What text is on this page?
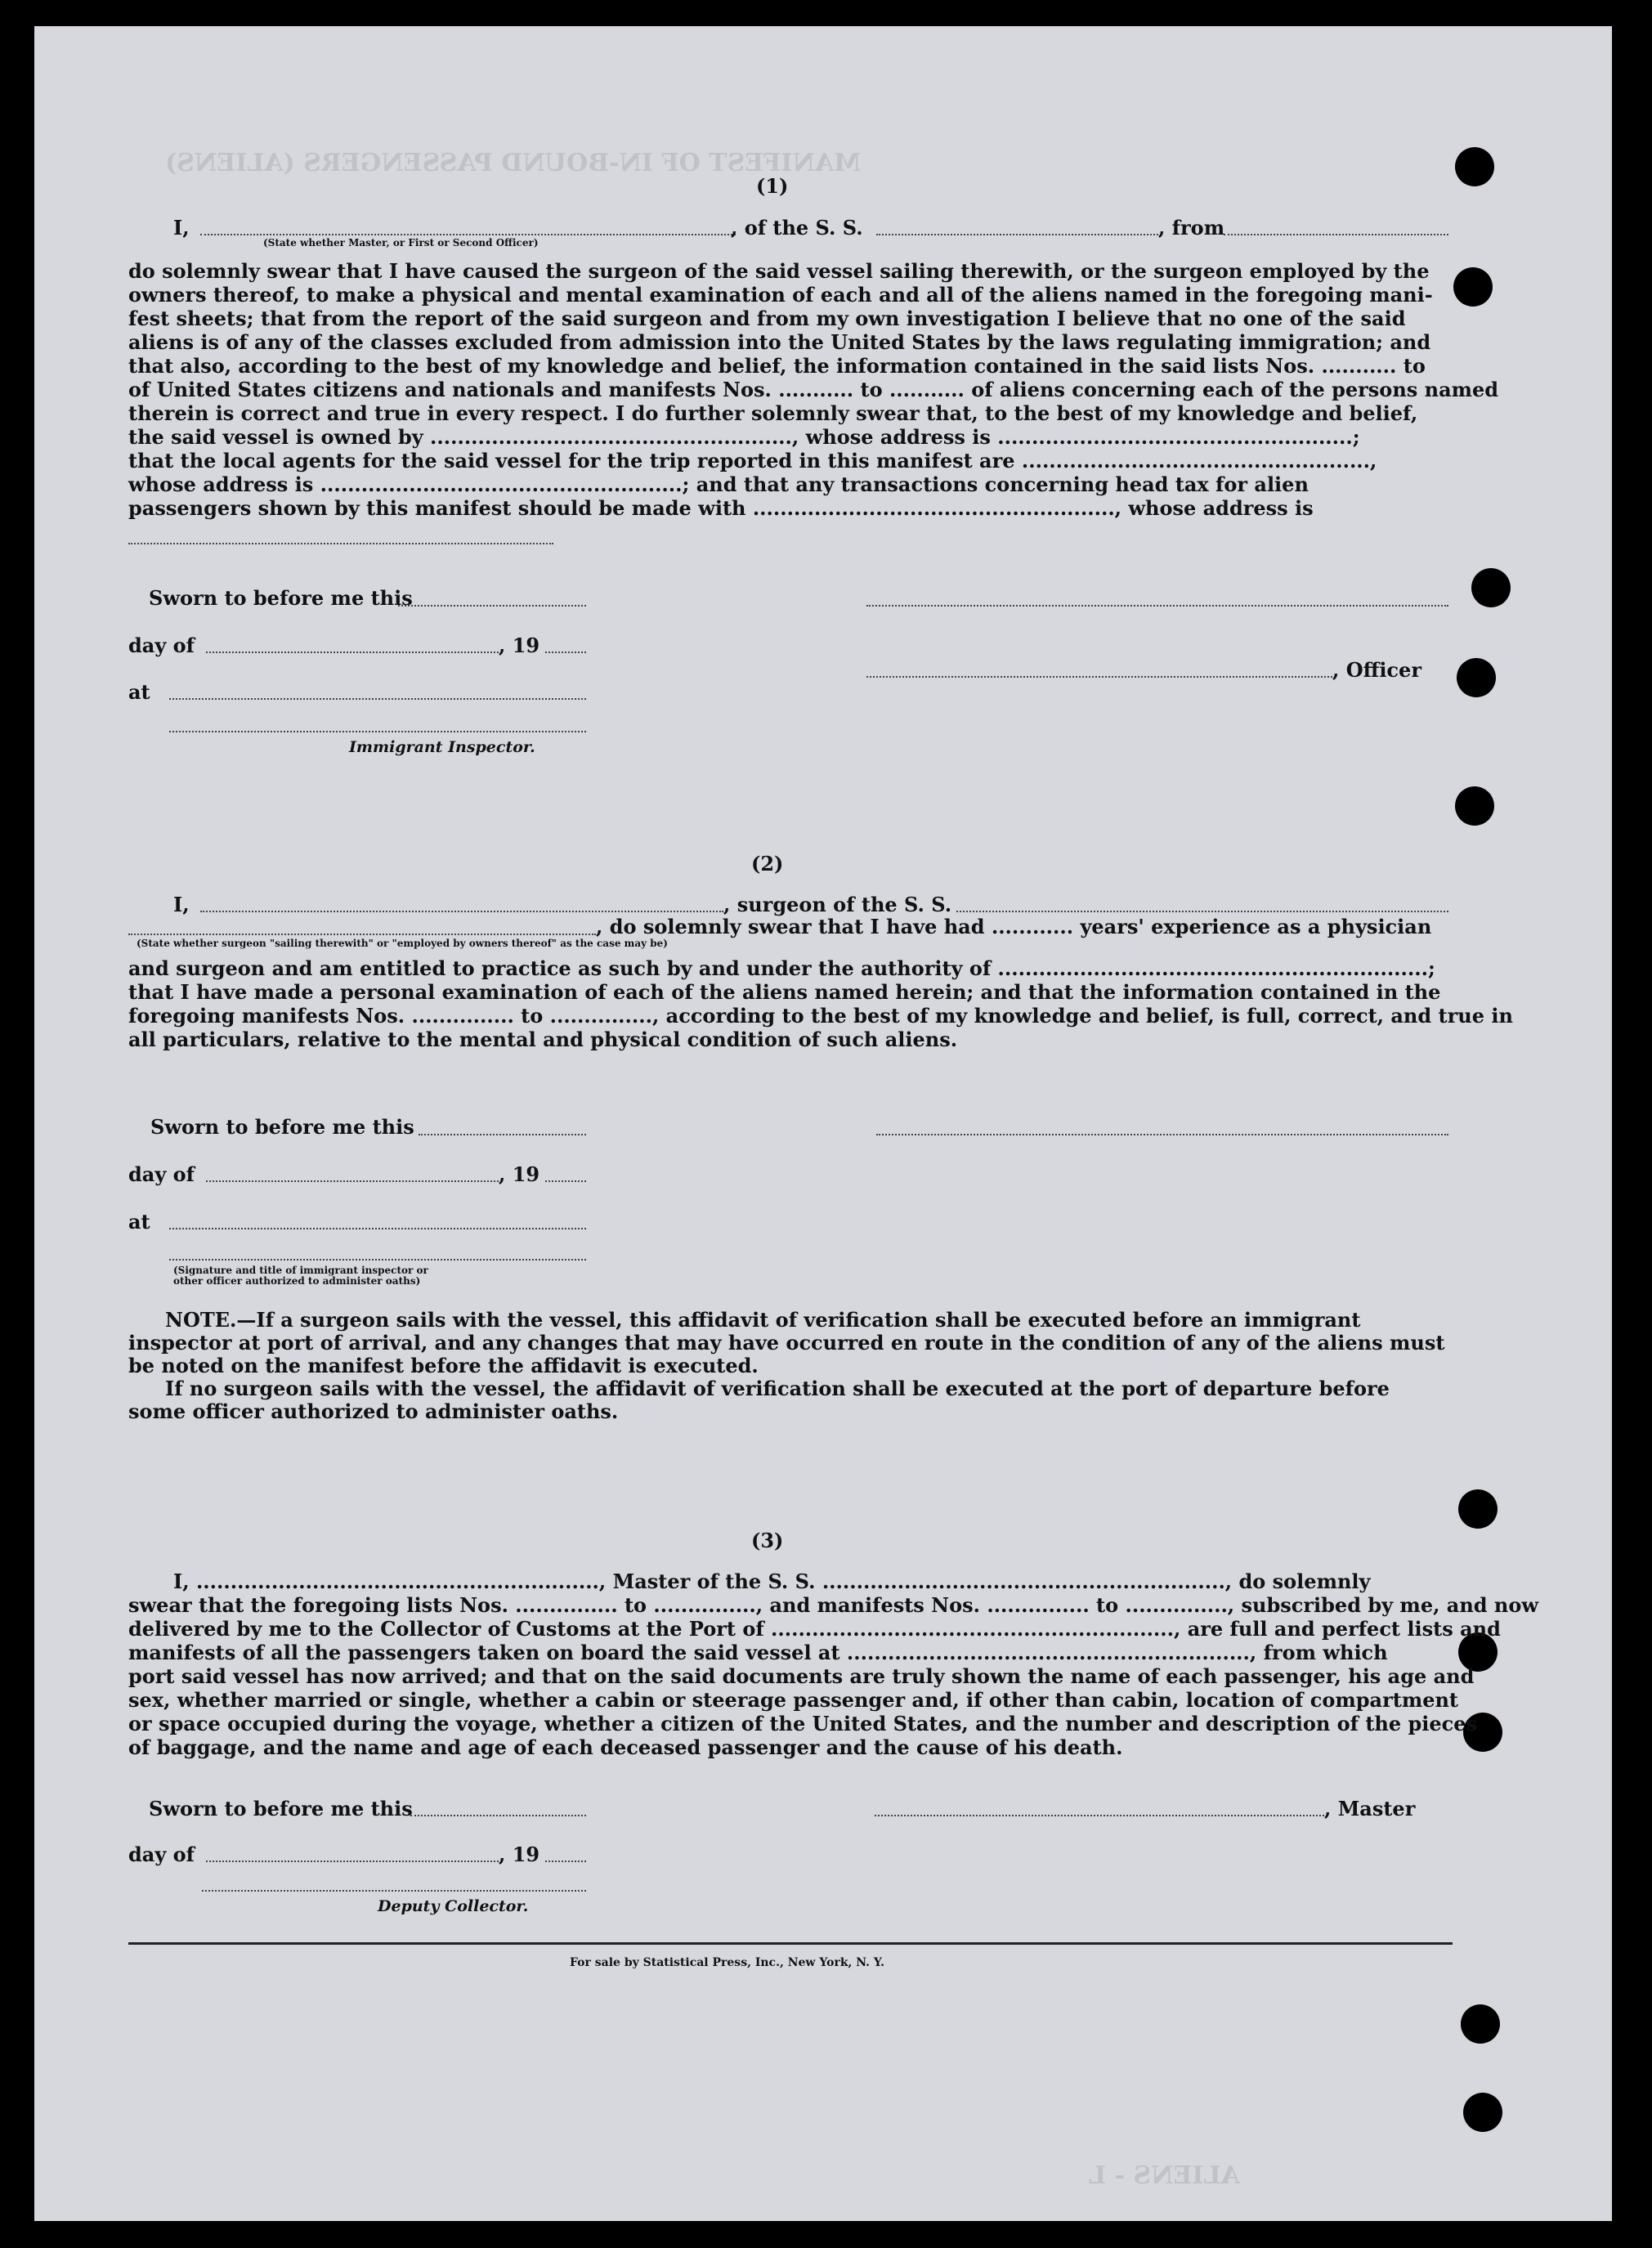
MANIFEST OF IN-BOUND PASSENGERS (ALIENS)
(1)
I,	, of the S. S.	, from
(State whether Master, or First or Second Officer)
do solemnly swear that I have caused the surgeon of the said vessel sailing therewith, or the surgeon employed by the
owners thereof, to make a physical and mental examination of each and all of the aliens named in the foregoing mani-
fest sheets; that from the report of the said surgeon and from my own investigation I believe that no one of the said
aliens is of any of the classes excluded from admission into the United States by the laws regulating immigration; and
that also, according to the best of my knowledge and belief, the information contained in the said lists Nos. ........... to
of United States citizens and nationals and manifests Nos. ........... to ........... of aliens concerning each of the persons named
therein is correct and true in every respect. I do further solemnly swear that, to the best of my knowledge and belief,
the said vessel is owned by ....................................................., whose address is ....................................................;
that the local agents for the said vessel for the trip reported in this manifest are ...................................................,
whose address is .....................................................; and that any transactions concerning head tax for alien
passengers shown by this manifest should be made with ....................................................., whose address is
Sworn to before me this
day of	, 19
, Officer
at
Immigrant Inspector.
(2)
I,	, surgeon of the S. S.
, do solemnly swear that I have had ............ years' experience as a physician
(State whether surgeon "sailing therewith" or "employed by owners thereof" as the case may be)
and surgeon and am entitled to practice as such by and under the authority of ...............................................................;
that I have made a personal examination of each of the aliens named herein; and that the information contained in the
foregoing manifests Nos. ............... to ..............., according to the best of my knowledge and belief, is full, correct, and true in
all particulars, relative to the mental and physical condition of such aliens.
Sworn to before me this
day of	, 19
at
(Signature and title of immigrant inspector or
other officer authorized to administer oaths)
NOTE.—If a surgeon sails with the vessel, this affidavit of verification shall be executed before an immigrant
inspector at port of arrival, and any changes that may have occurred en route in the condition of any of the aliens must
be noted on the manifest before the affidavit is executed.
If no surgeon sails with the vessel, the affidavit of verification shall be executed at the port of departure before
some officer authorized to administer oaths.
(3)
I, ..........................................................., Master of the S. S. ..........................................................., do solemnly
swear that the foregoing lists Nos. ............... to ..............., and manifests Nos. ............... to ..............., subscribed by me, and now
delivered by me to the Collector of Customs at the Port of ..........................................................., are full and perfect lists and
manifests of all the passengers taken on board the said vessel at ..........................................................., from which
port said vessel has now arrived; and that on the said documents are truly shown the name of each passenger, his age and
sex, whether married or single, whether a cabin or steerage passenger and, if other than cabin, location of compartment
or space occupied during the voyage, whether a citizen of the United States, and the number and description of the pieces
of baggage, and the name and age of each deceased passenger and the cause of his death.
Sworn to before me this	, Master
day of	, 19
Deputy Collector.
For sale by Statistical Press, Inc., New York, N. Y.
ALIENS - L
